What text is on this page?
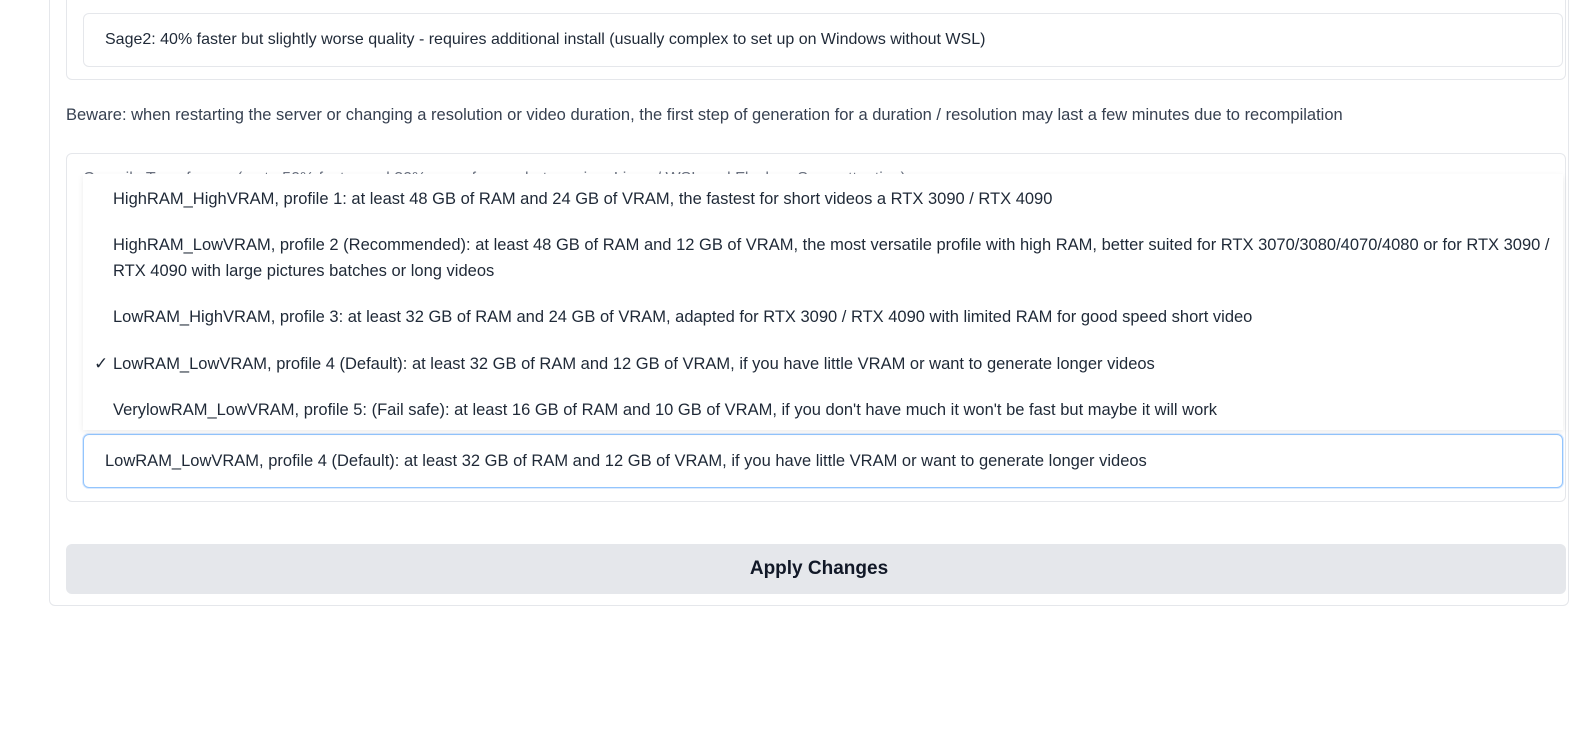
Sage2: 40% faster but slightly worse quality - requires additional install (usually complex to set up on Windows without WSL)
Beware: when restarting the server or changing a resolution or video duration, the first step of generation for a duration / resolution may last a few minutes due to recompilation
LowRAM_LowVRAM, profile 4 (Default): at least 32 GB of RAM and 12 GB of VRAM, if you have little VRAM or want to generate longer videos
HighRAM_HighVRAM, profile 1: at least 48 GB of RAM and 24 GB of VRAM, the fastest for short videos a RTX 3090 / RTX 4090
HighRAM_LowVRAM, profile 2 (Recommended): at least 48 GB of RAM and 12 GB of VRAM, the most versatile profile with high RAM, better suited for RTX 3070/3080/4070/4080 or for RTX 3090 / RTX 4090 with large pictures batches or long videos
LowRAM_HighVRAM, profile 3: at least 32 GB of RAM and 24 GB of VRAM, adapted for RTX 3090 / RTX 4090 with limited RAM for good speed short video
✓ LowRAM_LowVRAM, profile 4 (Default): at least 32 GB of RAM and 12 GB of VRAM, if you have little VRAM or want to generate longer videos
VerylowRAM_LowVRAM, profile 5: (Fail safe): at least 16 GB of RAM and 10 GB of VRAM, if you don't have much it won't be fast but maybe it will work
Apply Changes
